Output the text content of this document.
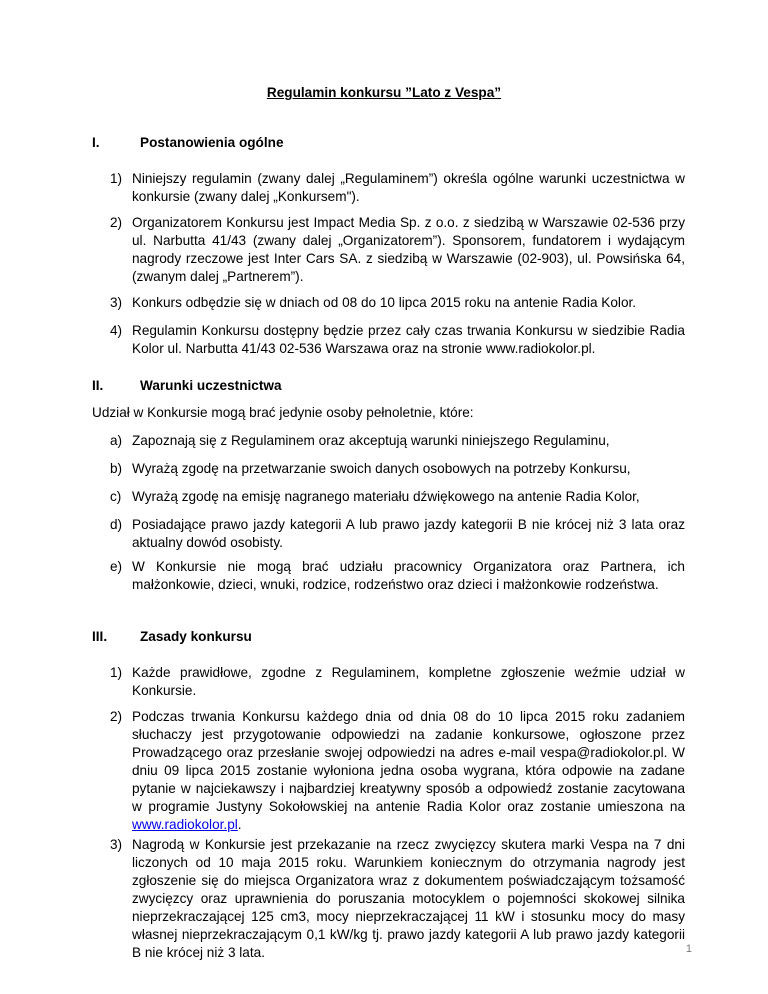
Regulamin konkursu ”Lato z Vespa”
I.	Postanowienia ogólne
1) Niniejszy regulamin (zwany dalej „Regulaminem”) określa ogólne warunki uczestnictwa w konkursie (zwany dalej „Konkursem").
2) Organizatorem Konkursu jest Impact Media Sp. z o.o. z siedzibą w Warszawie 02-536 przy ul. Narbutta 41/43 (zwany dalej „Organizatorem”). Sponsorem, fundatorem i wydającym nagrody rzeczowe jest Inter Cars SA. z siedzibą w Warszawie (02-903), ul. Powsińska 64, (zwanym dalej „Partnerem”).
3) Konkurs odbędzie się w dniach od 08 do 10 lipca 2015 roku na antenie Radia Kolor.
4) Regulamin Konkursu dostępny będzie przez cały czas trwania Konkursu w siedzibie Radia Kolor ul. Narbutta 41/43 02-536 Warszawa oraz na stronie www.radiokolor.pl.
II.	Warunki uczestnictwa
Udział w Konkursie mogą brać jedynie osoby pełnoletnie, które:
a) Zapoznają się z Regulaminem oraz akceptują warunki niniejszego Regulaminu,
b) Wyrażą zgodę na przetwarzanie swoich danych osobowych na potrzeby Konkursu,
c) Wyrażą zgodę na emisję nagranego materiału dźwiękowego na antenie Radia Kolor,
d) Posiadające prawo jazdy kategorii A lub prawo jazdy kategorii B nie krócej niż 3 lata oraz aktualny dowód osobisty.
e) W Konkursie nie mogą brać udziału pracownicy Organizatora oraz Partnera, ich małżonkowie, dzieci, wnuki, rodzice, rodzeństwo oraz dzieci i małżonkowie rodzeństwa.
III. Zasady konkursu
1) Każde prawidłowe, zgodne z Regulaminem, kompletne zgłoszenie weźmie udział w Konkursie.
2) Podczas trwania Konkursu każdego dnia od dnia 08 do 10 lipca 2015 roku zadaniem słuchaczy jest przygotowanie odpowiedzi na zadanie konkursowe, ogłoszone przez Prowadzącego oraz przesłanie swojej odpowiedzi na adres e-mail vespa@radiokolor.pl. W dniu 09 lipca 2015 zostanie wyłoniona jedna osoba wygrana, która odpowie na zadane pytanie w najciekawszy i najbardziej kreatywny sposób a odpowiedź zostanie zacytowana w programie Justyny Sokołowskiej na antenie Radia Kolor oraz zostanie umieszona na www.radiokolor.pl.
3) Nagrodą w Konkursie jest przekazanie na rzecz zwycięzcy skutera marki Vespa na 7 dni liczonych od 10 maja 2015 roku. Warunkiem koniecznym do otrzymania nagrody jest zgłoszenie się do miejsca Organizatora wraz z dokumentem poświadczającym tożsamość zwycięzcy oraz uprawnienia do poruszania motocyklem o pojemności skokowej silnika nieprzekraczającej 125 cm3, mocy nieprzekraczającej 11 kW i stosunku mocy do masy własnej nieprzekraczającym 0,1 kW/kg tj. prawo jazdy kategorii A lub prawo jazdy kategorii B nie krócej niż 3 lata.	1
